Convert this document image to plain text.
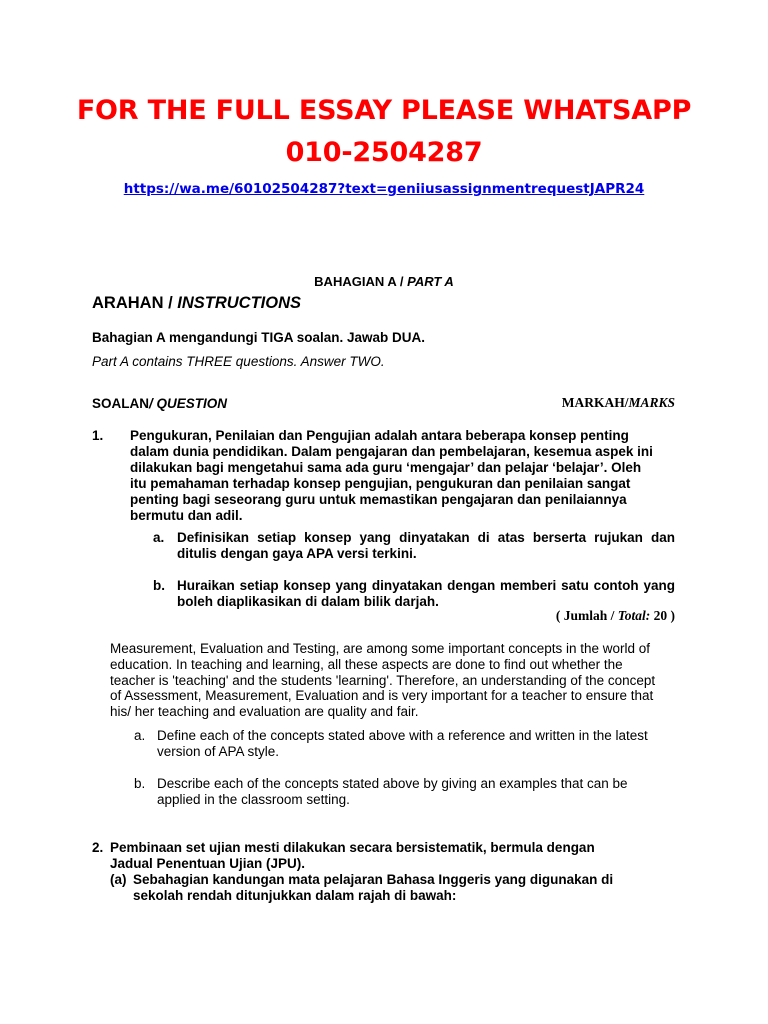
FOR THE FULL ESSAY PLEASE WHATSAPP
010-2504287
https://wa.me/60102504287?text=geniiusassignmentrequestJAPR24
BAHAGIAN A / PART A
ARAHAN / INSTRUCTIONS
Bahagian A mengandungi TIGA soalan. Jawab DUA.
Part A contains THREE questions. Answer TWO.
SOALAN/ QUESTION	MARKAH/MARKS
1. Pengukuran, Penilaian dan Pengujian adalah antara beberapa konsep penting dalam dunia pendidikan. Dalam pengajaran dan pembelajaran, kesemua aspek ini dilakukan bagi mengetahui sama ada guru ‘mengajar’ dan pelajar ‘belajar’. Oleh itu pemahaman terhadap konsep pengujian, pengukuran dan penilaian sangat penting bagi seseorang guru untuk memastikan pengajaran dan penilaiannya bermutu dan adil.
a. Definisikan setiap konsep yang dinyatakan di atas berserta rujukan dan ditulis dengan gaya APA versi terkini.
b. Huraikan setiap konsep yang dinyatakan dengan memberi satu contoh yang boleh diaplikasikan di dalam bilik darjah.
( Jumlah / Total: 20 )
Measurement, Evaluation and Testing, are among some important concepts in the world of education. In teaching and learning, all these aspects are done to find out whether the teacher is 'teaching' and the students 'learning'. Therefore, an understanding of the concept of Assessment, Measurement, Evaluation and is very important for a teacher to ensure that his/ her teaching and evaluation are quality and fair.
a. Define each of the concepts stated above with a reference and written in the latest version of APA style.
b. Describe each of the concepts stated above by giving an examples that can be applied in the classroom setting.
2. Pembinaan set ujian mesti dilakukan secara bersistematik, bermula dengan Jadual Penentuan Ujian (JPU).
(a) Sebahagian kandungan mata pelajaran Bahasa Inggeris yang digunakan di sekolah rendah ditunjukkan dalam rajah di bawah:
